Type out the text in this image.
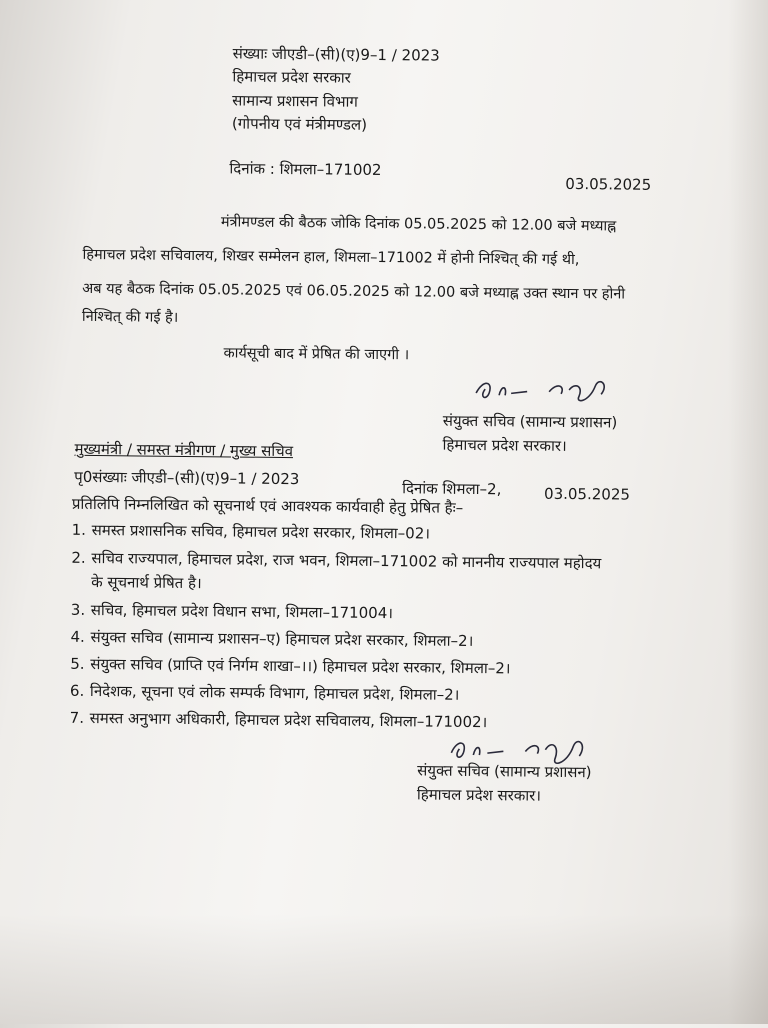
संख्याः जीएडी–(सी)(ए)9–1 / 2023
हिमाचल प्रदेश सरकार
सामान्य प्रशासन विभाग
(गोपनीय एवं मंत्रीमण्डल)
दिनांक : शिमला–171002
03.05.2025
मंत्रीमण्डल की बैठक जोकि दिनांक 05.05.2025 को 12.00 बजे मध्याह्न
हिमाचल प्रदेश सचिवालय, शिखर सम्मेलन हाल, शिमला–171002 में होनी निश्चित् की गई थी,
अब यह बैठक दिनांक 05.05.2025 एवं 06.05.2025 को 12.00 बजे मध्याह्न उक्त स्थान पर होनी
निश्चित् की गई है।
कार्यसूची बाद में प्रेषित की जाएगी ।
संयुक्त सचिव (सामान्य प्रशासन)
हिमाचल प्रदेश सरकार।
मुख्यमंत्री / समस्त मंत्रीगण / मुख्य सचिव
पृ0संख्याः जीएडी–(सी)(ए)9–1 / 2023
दिनांक शिमला–2,	03.05.2025
प्रतिलिपि निम्नलिखित को सूचनार्थ एवं आवश्यक कार्यवाही हेतु प्रेषित हैः–
1. समस्त प्रशासनिक सचिव, हिमाचल प्रदेश सरकार, शिमला–02।
2. सचिव राज्यपाल, हिमाचल प्रदेश, राज भवन, शिमला–171002 को माननीय राज्यपाल महोदय
के सूचनार्थ प्रेषित है।
3. सचिव, हिमाचल प्रदेश विधान सभा, शिमला–171004।
4. संयुक्त सचिव (सामान्य प्रशासन–ए) हिमाचल प्रदेश सरकार, शिमला–2।
5. संयुक्त सचिव (प्राप्ति एवं निर्गम शाखा–।।) हिमाचल प्रदेश सरकार, शिमला–2।
6. निदेशक, सूचना एवं लोक सम्पर्क विभाग, हिमाचल प्रदेश, शिमला–2।
7. समस्त अनुभाग अधिकारी, हिमाचल प्रदेश सचिवालय, शिमला–171002।
संयुक्त सचिव (सामान्य प्रशासन)
हिमाचल प्रदेश सरकार।
